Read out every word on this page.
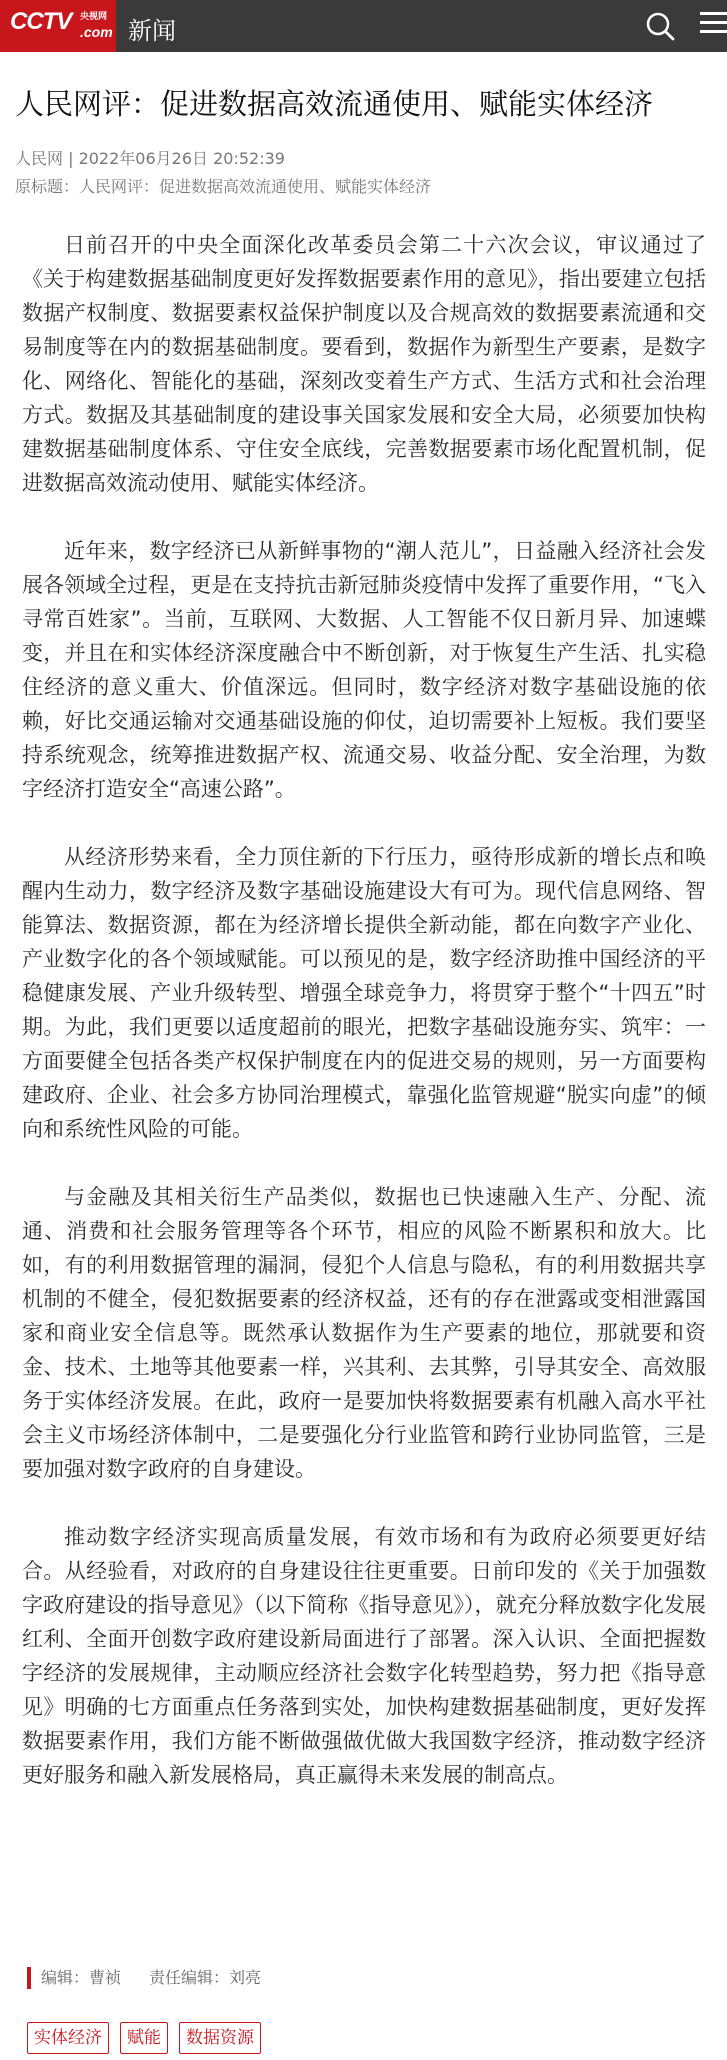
CCTV 央视网
.com 新闻
人民网评：促进数据高效流通使用、赋能实体经济
人民网 | 2022年06月26日 20:52:39
原标题：人民网评：促进数据高效流通使用、赋能实体经济

日前召开的中央全面深化改革委员会第二十六次会议，审议通过了《关于构建数据基础制度更好发挥数据要素作用的意见》，指出要建立包括数据产权制度、数据要素权益保护制度以及合规高效的数据要素流通和交易制度等在内的数据基础制度。要看到，数据作为新型生产要素，是数字化、网络化、智能化的基础，深刻改变着生产方式、生活方式和社会治理方式。数据及其基础制度的建设事关国家发展和安全大局，必须要加快构建数据基础制度体系、守住安全底线，完善数据要素市场化配置机制，促进数据高效流动使用、赋能实体经济。

近年来，数字经济已从新鲜事物的“潮人范儿”，日益融入经济社会发展各领域全过程，更是在支持抗击新冠肺炎疫情中发挥了重要作用，“飞入寻常百姓家”。当前，互联网、大数据、人工智能不仅日新月异、加速蝶变，并且在和实体经济深度融合中不断创新，对于恢复生产生活、扎实稳住经济的意义重大、价值深远。但同时，数字经济对数字基础设施的依赖，好比交通运输对交通基础设施的仰仗，迫切需要补上短板。我们要坚持系统观念，统筹推进数据产权、流通交易、收益分配、安全治理，为数字经济打造安全“高速公路”。

从经济形势来看，全力顶住新的下行压力，亟待形成新的增长点和唤醒内生动力，数字经济及数字基础设施建设大有可为。现代信息网络、智能算法、数据资源，都在为经济增长提供全新动能，都在向数字产业化、产业数字化的各个领域赋能。可以预见的是，数字经济助推中国经济的平稳健康发展、产业升级转型、增强全球竞争力，将贯穿于整个“十四五”时期。为此，我们更要以适度超前的眼光，把数字基础设施夯实、筑牢：一方面要健全包括各类产权保护制度在内的促进交易的规则，另一方面要构建政府、企业、社会多方协同治理模式，靠强化监管规避“脱实向虚”的倾向和系统性风险的可能。

与金融及其相关衍生产品类似，数据也已快速融入生产、分配、流通、消费和社会服务管理等各个环节，相应的风险不断累积和放大。比如，有的利用数据管理的漏洞，侵犯个人信息与隐私，有的利用数据共享机制的不健全，侵犯数据要素的经济权益，还有的存在泄露或变相泄露国家和商业安全信息等。既然承认数据作为生产要素的地位，那就要和资金、技术、土地等其他要素一样，兴其利、去其弊，引导其安全、高效服务于实体经济发展。在此，政府一是要加快将数据要素有机融入高水平社会主义市场经济体制中，二是要强化分行业监管和跨行业协同监管，三是要加强对数字政府的自身建设。

推动数字经济实现高质量发展，有效市场和有为政府必须要更好结合。从经验看，对政府的自身建设往往更重要。日前印发的《关于加强数字政府建设的指导意见》（以下简称《指导意见》），就充分释放数字化发展红利、全面开创数字政府建设新局面进行了部署。深入认识、全面把握数字经济的发展规律，主动顺应经济社会数字化转型趋势，努力把《指导意见》明确的七方面重点任务落到实处，加快构建数据基础制度，更好发挥数据要素作用，我们方能不断做强做优做大我国数字经济，推动数字经济更好服务和融入新发展格局，真正赢得未来发展的制高点。

编辑：曹祯 责任编辑：刘亮
实体经济 赋能 数据资源
